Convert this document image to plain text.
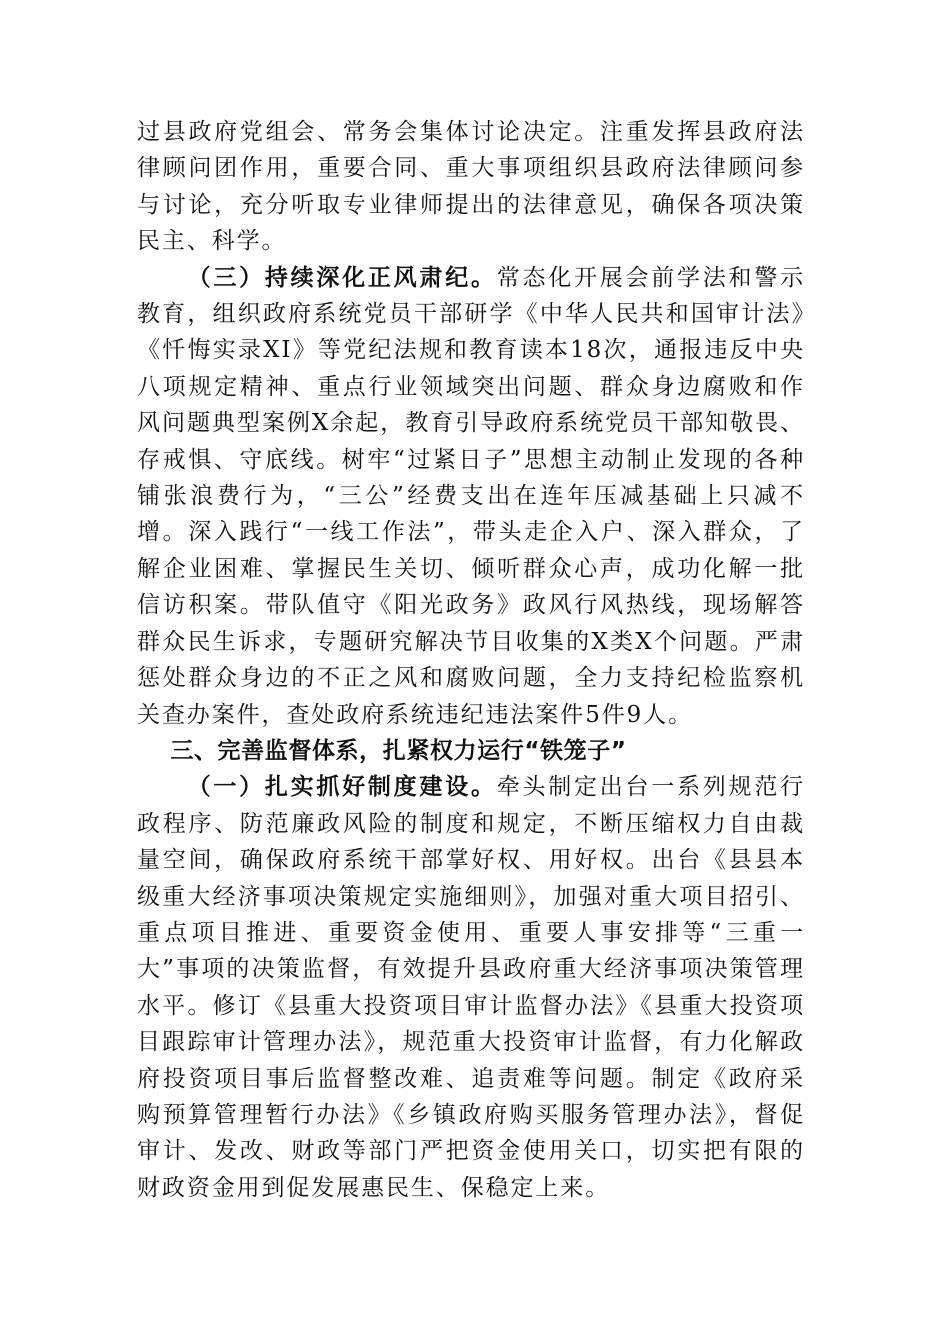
过县政府党组会、常务会集体讨论决定。注重发挥县政府法律顾问团作用，重要合同、重大事项组织县政府法律顾问参与讨论，充分听取专业律师提出的法律意见，确保各项决策民主、科学。

（三）持续深化正风肃纪。常态化开展会前学法和警示教育，组织政府系统党员干部研学《中华人民共和国审计法》《忏悔实录XI》等党纪法规和教育读本18次，通报违反中央八项规定精神、重点行业领域突出问题、群众身边腐败和作风问题典型案例X余起，教育引导政府系统党员干部知敬畏、存戒惧、守底线。树牢“过紧日子”思想主动制止发现的各种铺张浪费行为，“三公”经费支出在连年压减基础上只减不增。深入践行“一线工作法”，带头走企入户、深入群众，了解企业困难、掌握民生关切、倾听群众心声，成功化解一批信访积案。带队值守《阳光政务》政风行风热线，现场解答群众民生诉求，专题研究解决节目收集的X类X个问题。严肃惩处群众身边的不正之风和腐败问题，全力支持纪检监察机关查办案件，查处政府系统违纪违法案件5件9人。

三、完善监督体系，扎紧权力运行“铁笼子”

（一）扎实抓好制度建设。牵头制定出台一系列规范行政程序、防范廉政风险的制度和规定，不断压缩权力自由裁量空间，确保政府系统干部掌好权、用好权。出台《县县本级重大经济事项决策规定实施细则》，加强对重大项目招引、重点项目推进、重要资金使用、重要人事安排等“三重一大”事项的决策监督，有效提升县政府重大经济事项决策管理水平。修订《县重大投资项目审计监督办法》《县重大投资项目跟踪审计管理办法》，规范重大投资审计监督，有力化解政府投资项目事后监督整改难、追责难等问题。制定《政府采购预算管理暂行办法》《乡镇政府购买服务管理办法》，督促审计、发改、财政等部门严把资金使用关口，切实把有限的财政资金用到促发展惠民生、保稳定上来。
